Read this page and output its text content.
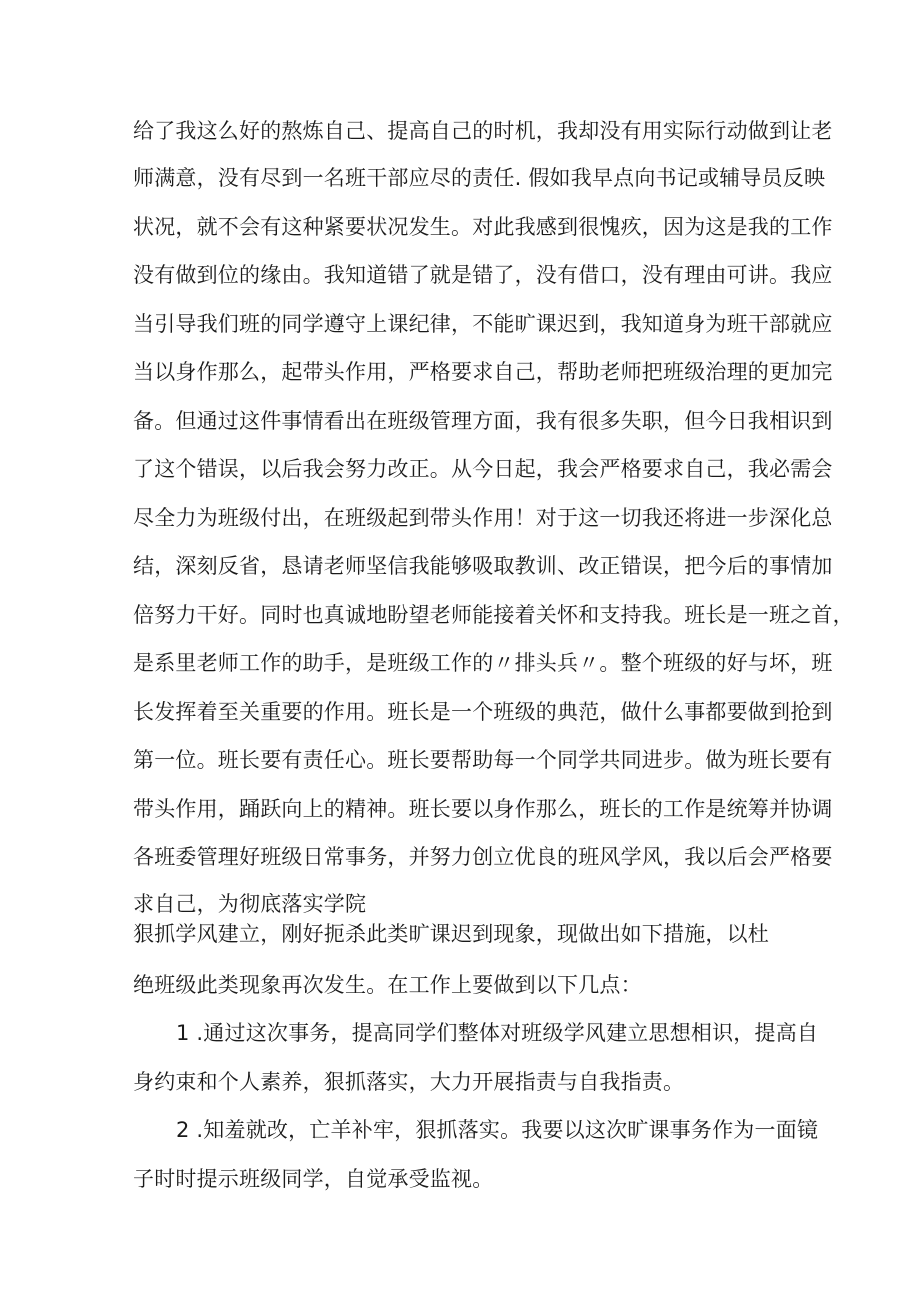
给了我这么好的熬炼自己、提高自己的时机，我却没有用实际行动做到让老
师满意，没有尽到一名班干部应尽的责任. 假如我早点向书记或辅导员反映
状况，就不会有这种紧要状况发生。对此我感到很愧疚，因为这是我的工作
没有做到位的缘由。我知道错了就是错了，没有借口，没有理由可讲。我应
当引导我们班的同学遵守上课纪律，不能旷课迟到，我知道身为班干部就应
当以身作那么，起带头作用，严格要求自己，帮助老师把班级治理的更加完
备。但通过这件事情看出在班级管理方面，我有很多失职，但今日我相识到
了这个错误，以后我会努力改正。从今日起，我会严格要求自己，我必需会
尽全力为班级付出，在班级起到带头作用！对于这一切我还将进一步深化总
结，深刻反省，恳请老师坚信我能够吸取教训、改正错误，把今后的事情加
倍努力干好。同时也真诚地盼望老师能接着关怀和支持我。班长是一班之首，
是系里老师工作的助手，是班级工作的〃排头兵〃。整个班级的好与坏，班
长发挥着至关重要的作用。班长是一个班级的典范，做什么事都要做到抢到
第一位。班长要有责任心。班长要帮助每一个同学共同进步。做为班长要有
带头作用，踊跃向上的精神。班长要以身作那么，班长的工作是统筹并协调
各班委管理好班级日常事务，并努力创立优良的班风学风，我以后会严格要
求自己，为彻底落实学院
狠抓学风建立，刚好扼杀此类旷课迟到现象，现做出如下措施，以杜
绝班级此类现象再次发生。在工作上要做到以下几点：
1 .通过这次事务，提高同学们整体对班级学风建立思想相识，提高自
身约束和个人素养，狠抓落实，大力开展指责与自我指责。
2 .知羞就改，亡羊补牢，狠抓落实。我要以这次旷课事务作为一面镜
子时时提示班级同学，自觉承受监视。
